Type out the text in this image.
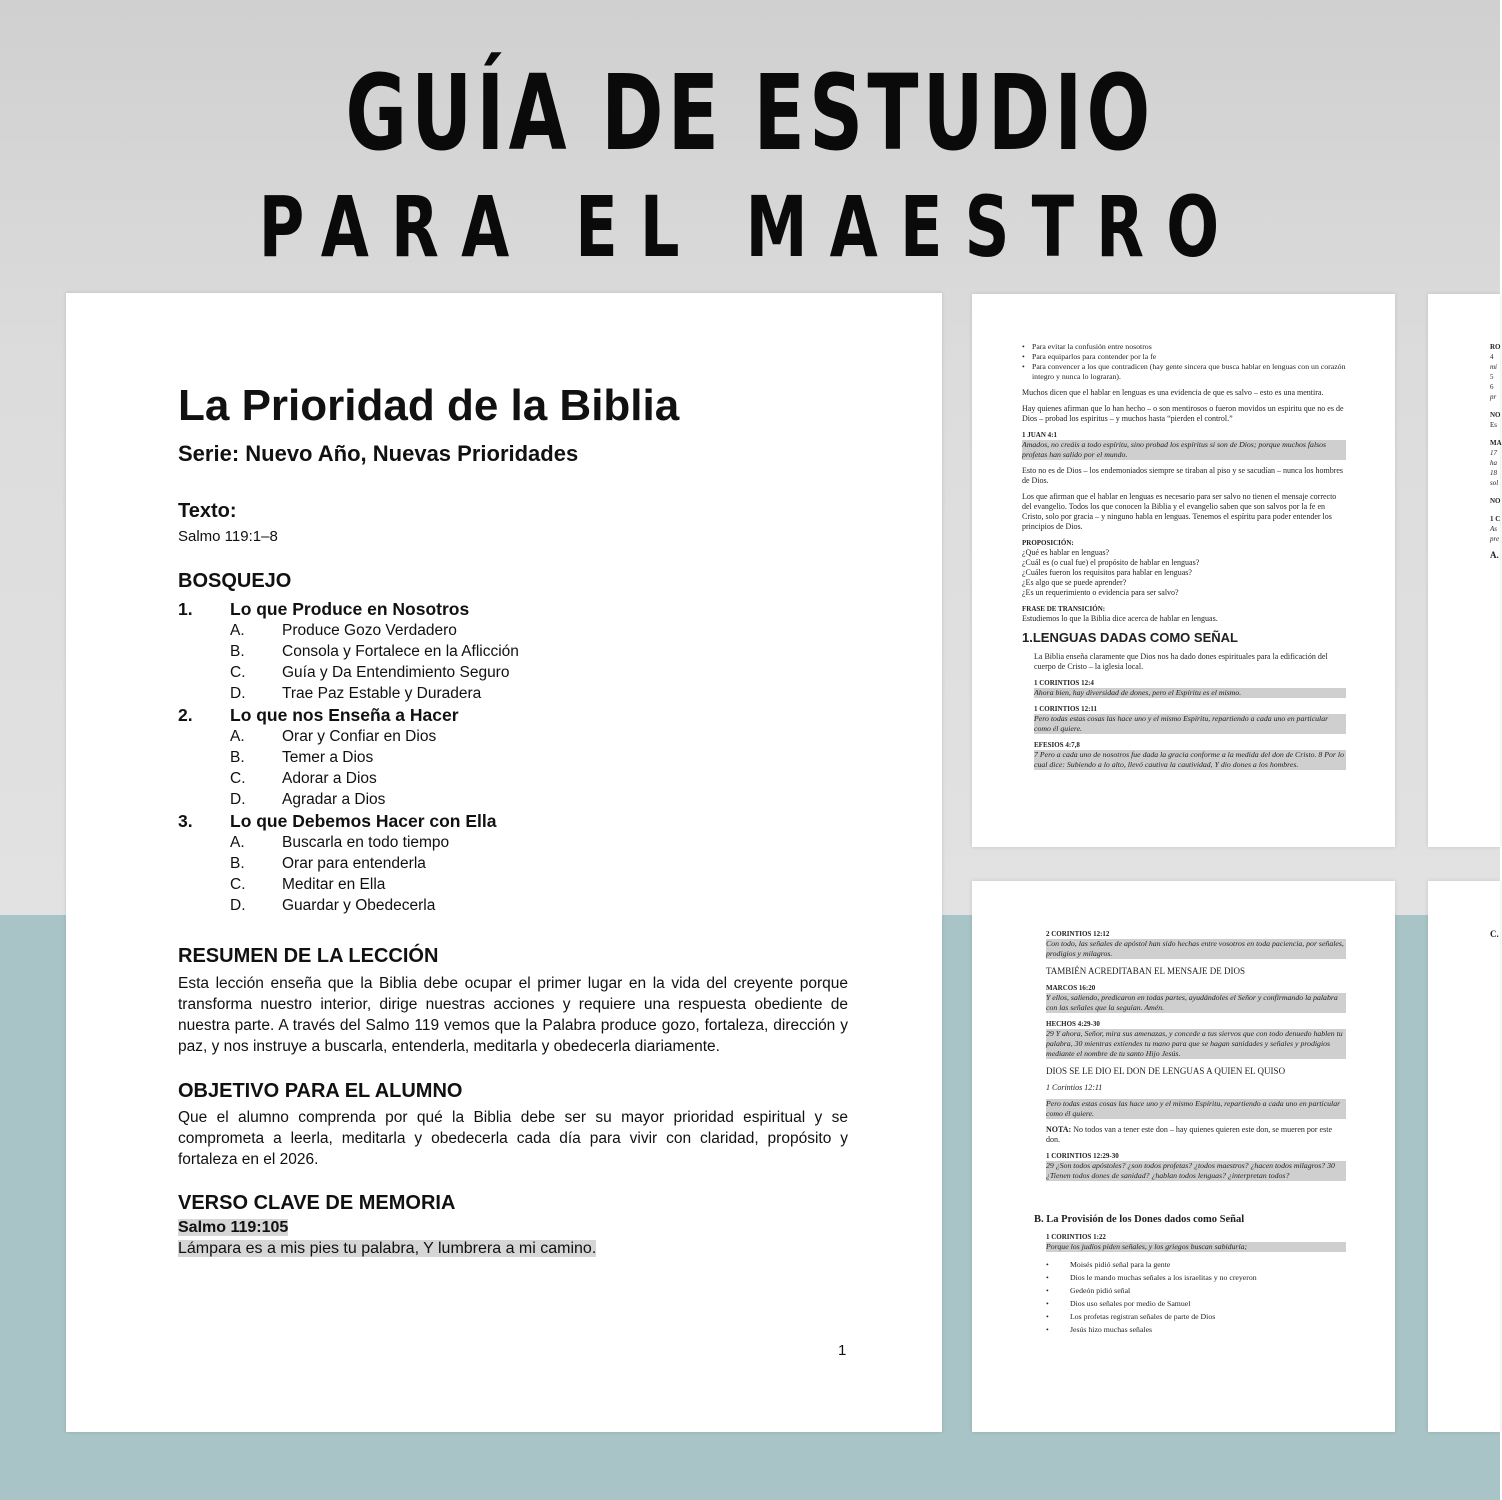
GUÍA DE ESTUDIO
PARA EL MAESTRO
La Prioridad de la Biblia
Serie: Nuevo Año, Nuevas Prioridades
Texto:
Salmo 119:1–8
BOSQUEJO
1. Lo que Produce en Nosotros
A. Produce Gozo Verdadero
B. Consola y Fortalece en la Aflicción
C. Guía y Da Entendimiento Seguro
D. Trae Paz Estable y Duradera
2. Lo que nos Enseña a Hacer
A. Orar y Confiar en Dios
B. Temer a Dios
C. Adorar a Dios
D. Agradar a Dios
3. Lo que Debemos Hacer con Ella
A. Buscarla en todo tiempo
B. Orar para entenderla
C. Meditar en Ella
D. Guardar y Obedecerla
RESUMEN DE LA LECCIÓN
Esta lección enseña que la Biblia debe ocupar el primer lugar en la vida del creyente porque transforma nuestro interior, dirige nuestras acciones y requiere una respuesta obediente de nuestra parte. A través del Salmo 119 vemos que la Palabra produce gozo, fortaleza, dirección y paz, y nos instruye a buscarla, entenderla, meditarla y obedecerla diariamente.
OBJETIVO PARA EL ALUMNO
Que el alumno comprenda por qué la Biblia debe ser su mayor prioridad espiritual y se comprometa a leerla, meditarla y obedecerla cada día para vivir con claridad, propósito y fortaleza en el 2026.
VERSO CLAVE DE MEMORIA
Salmo 119:105
Lámpara es a mis pies tu palabra, Y lumbrera a mi camino.
1
• Para evitar la confusión entre nosotros
• Para equiparlos para contender por la fe
• Para convencer a los que contradicen (hay gente sincera que busca hablar en lenguas con un corazón integro y nunca lo lograran).
Muchos dicen que el hablar en lenguas es una evidencia de que es salvo – esto es una mentira.
Hay quienes afirman que lo han hecho – o son mentirosos o fueron movidos un espiritu que no es de Dios – probad los espiritus – y muchos hasta “pierden el control.”
1 JUAN 4:1
Amados, no creáis a todo espíritu, sino probad los espíritus si son de Dios; porque muchos falsos profetas han salido por el mundo.
Esto no es de Dios – los endemoniados siempre se tiraban al piso y se sacudían – nunca los hombres de Dios.
Los que afirman que el hablar en lenguas es necesario para ser salvo no tienen el mensaje correcto del evangelio. Todos los que conocen la Biblia y el evangelio saben que son salvos por la fe en Cristo, solo por gracia – y ninguno habla en lenguas. Tenemos el espíritu para poder entender los principios de Dios.
PROPOSICIÓN:
¿Qué es hablar en lenguas?
¿Cuál es (o cual fue) el propósito de hablar en lenguas?
¿Cuáles fueron los requisitos para hablar en lenguas?
¿Es algo que se puede aprender?
¿Es un requerimiento o evidencia para ser salvo?
FRASE DE TRANSICIÓN:
Estudiemos lo que la Biblia dice acerca de hablar en lenguas.
1.LENGUAS DADAS COMO SEÑAL
La Biblia enseña claramente que Dios nos ha dado dones espirituales para la edificación del cuerpo de Cristo – la iglesia local.
1 CORINTIOS 12:4
Ahora bien, hay diversidad de dones, pero el Espíritu es el mismo.
1 CORINTIOS 12:11
Pero todas estas cosas las hace uno y el mismo Espíritu, repartiendo a cada uno en particular como él quiere.
EFESIOS 4:7,8
7 Pero a cada uno de nosotros fue dada la gracia conforme a la medida del don de Cristo. 8 Por lo cual dice: Subiendo a lo alto, llevó cautiva la cautividad, Y dio dones a los hombres.
2 CORINTIOS 12:12
Con todo, las señales de apóstol han sido hechas entre vosotros en toda paciencia, por señales, prodigios y milagros.
TAMBIÉN ACREDITABAN EL MENSAJE DE DIOS
MARCOS 16:20
Y ellos, saliendo, predicaron en todas partes, ayudándoles el Señor y confirmando la palabra con las señales que la seguían. Amén.
HECHOS 4:29-30
29 Y ahora, Señor, mira sus amenazas, y concede a tus siervos que con todo denuedo hablen tu palabra, 30 mientras extiendes tu mano para que se hagan sanidades y señales y prodigios mediante el nombre de tu santo Hijo Jesús.
DIOS SE LE DIO EL DON DE LENGUAS A QUIEN EL QUISO
1 Corintios 12:11
Pero todas estas cosas las hace uno y el mismo Espíritu, repartiendo a cada uno en particular como él quiere.
NOTA: No todos van a tener este don – hay quienes quieren este don, se mueren por este don.
1 CORINTIOS 12:29-30
29 ¿Son todos apóstoles? ¿son todos profetas? ¿todos maestros? ¿hacen todos milagros? 30 ¿Tienen todos dones de sanidad? ¿hablan todos lenguas? ¿interpretan todos?
B. La Provisión de los Dones dados como Señal
1 CORINTIOS 1:22
Porque los judíos piden señales, y los griegos buscan sabiduría;
• Moisés pidió señal para la gente
• Dios le mando muchas señales a los israelitas y no creyeron
• Gedeón pidió señal
• Dios uso señales por medio de Samuel
• Los profetas registran señales de parte de Dios
• Jesús hizo muchas señales
RO
4
mi
5
6
pr
NO
Es
MA
17
ha
18
sol
NO
1 C
As
pre
A.
C.
